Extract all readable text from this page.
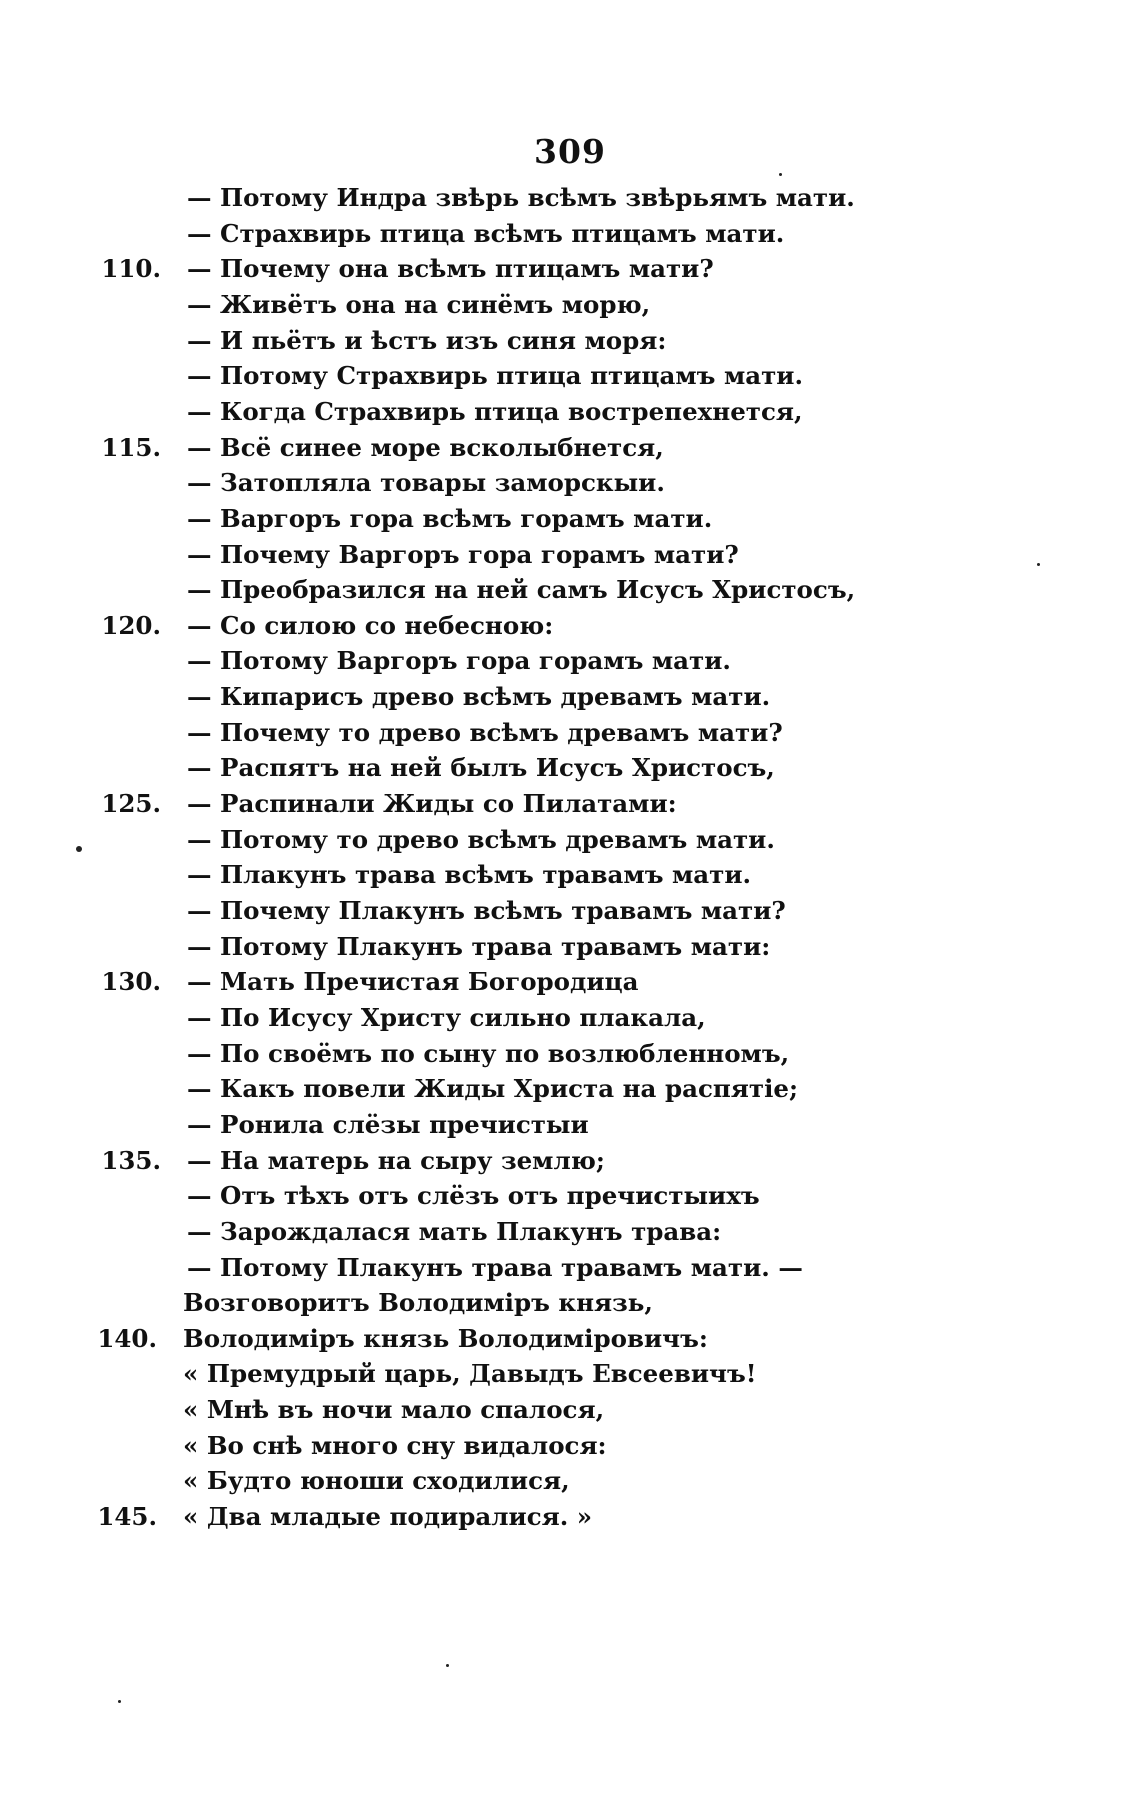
309
— Потому Индра звѣрь всѣмъ звѣрьямъ мати.
— Страхвирь птица всѣмъ птицамъ мати.
110. — Почему она всѣмъ птицамъ мати?
— Живётъ она на синёмъ морю,
— И пьётъ и ѣстъ изъ синя моря:
— Потому Страхвирь птица птицамъ мати.
— Когда Страхвирь птица вострепехнется,
115. — Всё синее море всколыбнется,
— Затопляла товары заморскыи.
— Варгоръ гора всѣмъ горамъ мати.
— Почему Варгоръ гора горамъ мати?
— Преобразился на ней самъ Исусъ Христосъ,
120. — Со силою со небесною:
— Потому Варгоръ гора горамъ мати.
— Кипарисъ древо всѣмъ древамъ мати.
— Почему то древо всѣмъ древамъ мати?
— Распятъ на ней былъ Исусъ Христосъ,
125. — Распинали Жиды со Пилатами:
— Потому то древо всѣмъ древамъ мати.
— Плакунъ трава всѣмъ травамъ мати.
— Почему Плакунъ всѣмъ травамъ мати?
— Потому Плакунъ трава травамъ мати:
130. — Мать Пречистая Богородица
— По Исусу Христу сильно плакала,
— По своёмъ по сыну по возлюбленномъ,
— Какъ повели Жиды Христа на распятіе;
— Ронила слёзы пречистыи
135. — На матерь на сыру землю;
— Отъ тѣхъ отъ слёзъ отъ пречистыихъ
— Зарождалася мать Плакунъ трава:
— Потому Плакунъ трава травамъ мати. —
Возговоритъ Володимiръ князь,
140. Володимiръ князь Володимiровичъ:
« Премудрый царь, Давыдъ Евсеевичъ!
« Мнѣ въ ночи мало спалося,
« Во снѣ много сну видалося:
« Будто юноши сходилися,
145. « Два младые подиралися. »
